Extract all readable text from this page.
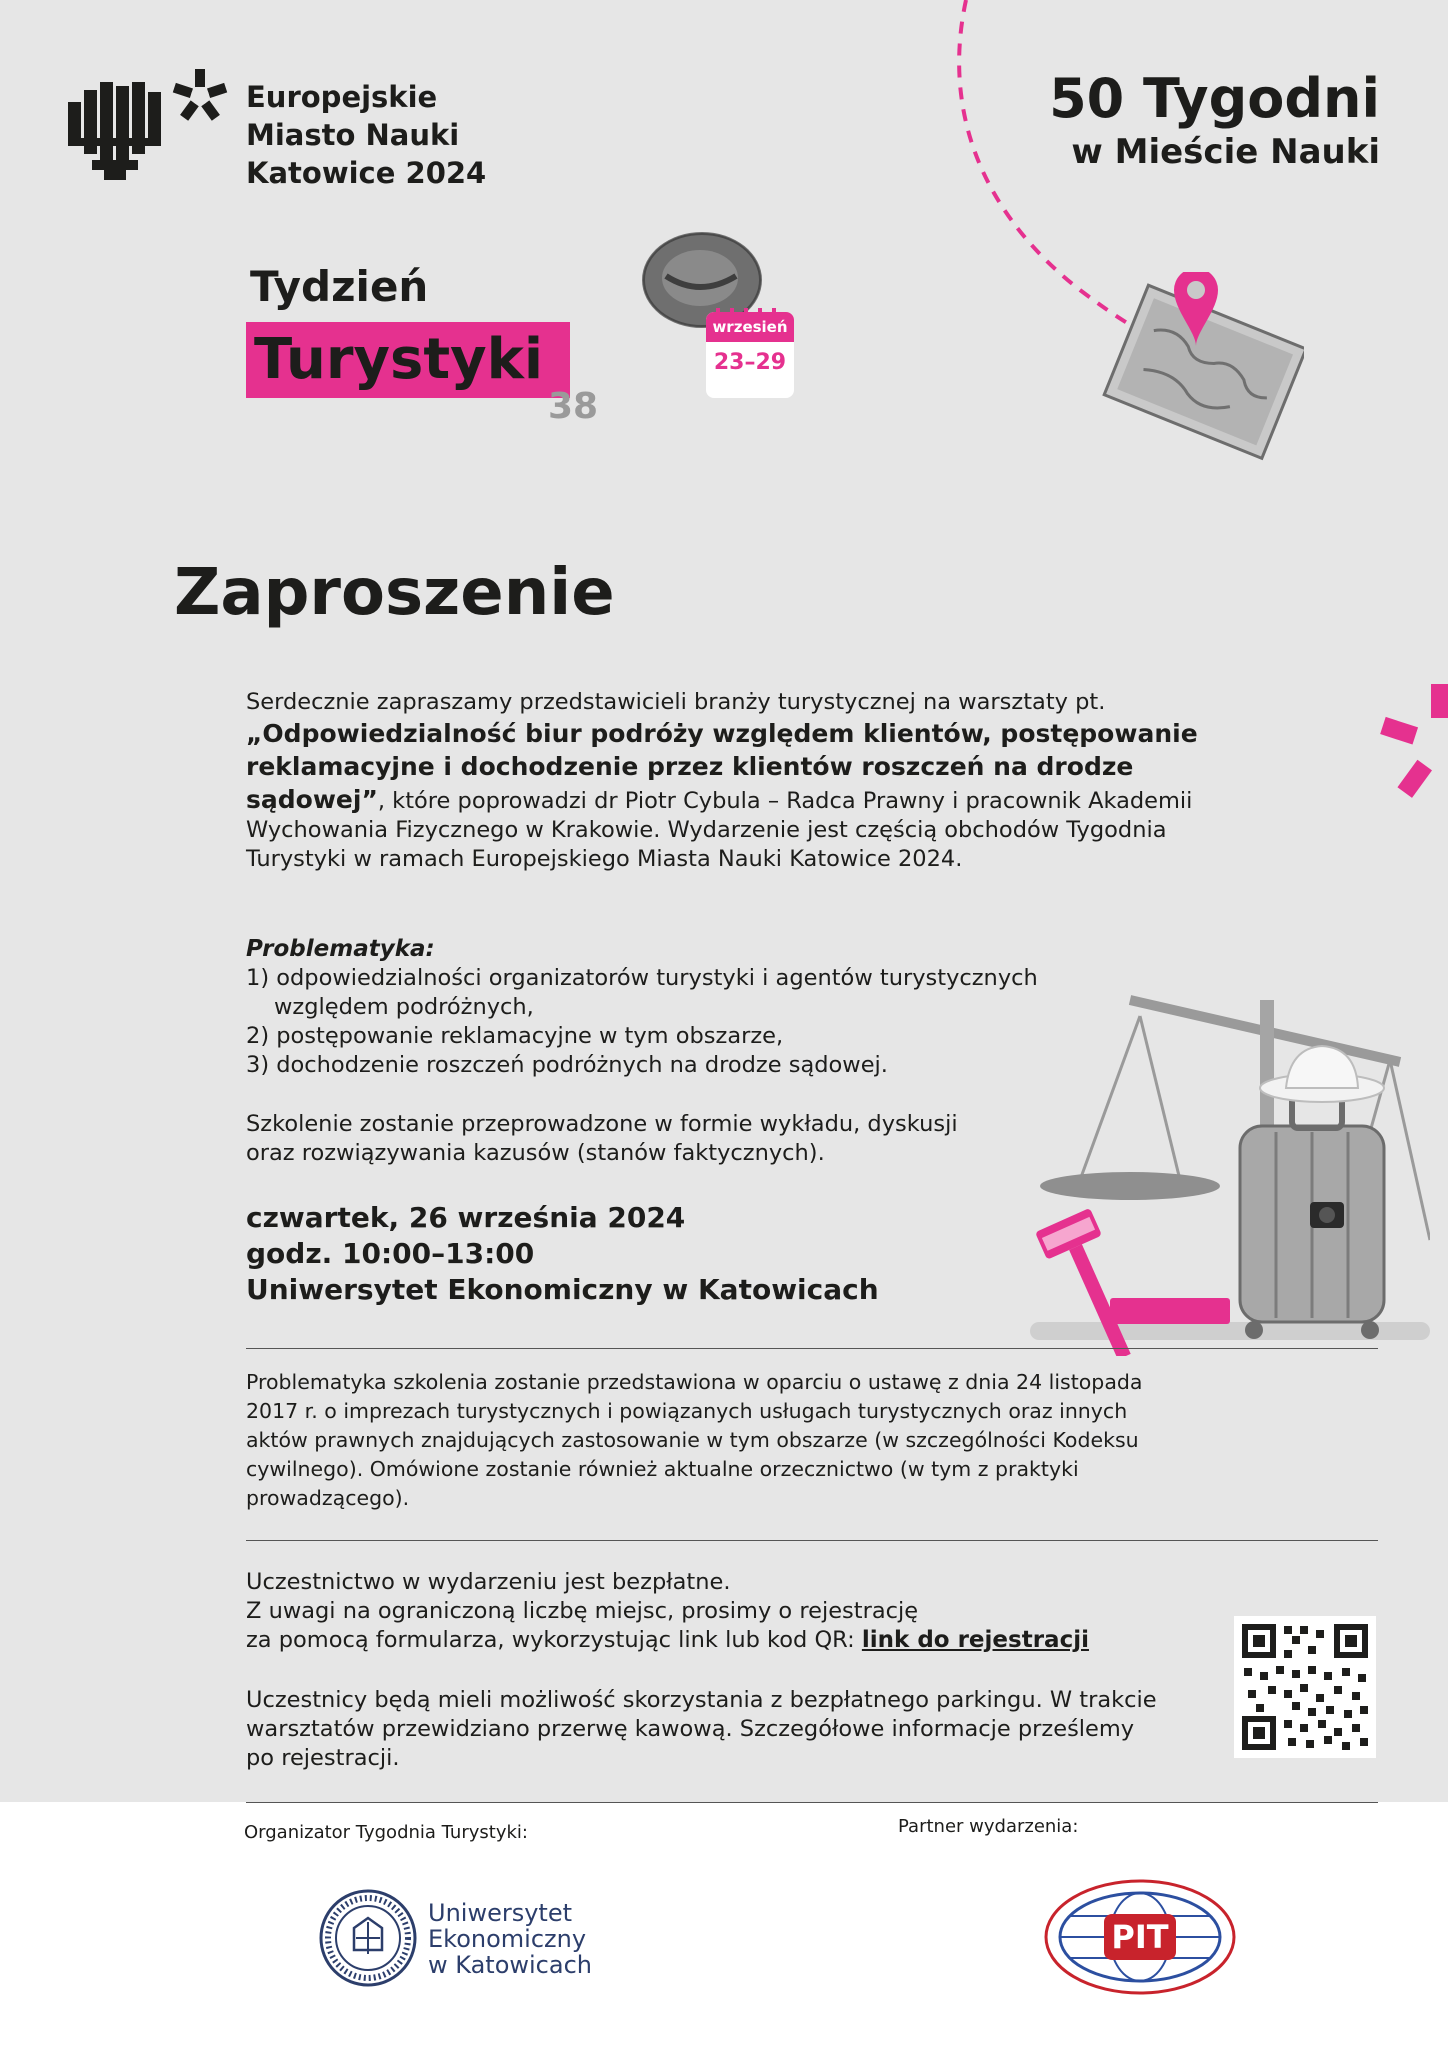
Europejskie
Miasto Nauki
Katowice 2024
50 Tygodni
w Mieście Nauki
Tydzień
Turystyki
38
wrzesień
23–29
Zaproszenie
Serdecznie zapraszamy przedstawicieli branży turystycznej na warsztaty pt.
„Odpowiedzialność biur podróży względem klientów, postępowanie reklamacyjne i dochodzenie przez klientów roszczeń na drodze sądowej”, które poprowadzi dr Piotr Cybula – Radca Prawny i pracownik Akademii Wychowania Fizycznego w Krakowie. Wydarzenie jest częścią obchodów Tygodnia Turystyki w ramach Europejskiego Miasta Nauki Katowice 2024.
Problematyka:
1) odpowiedzialności organizatorów turystyki i agentów turystycznych
względem podróżnych,
2) postępowanie reklamacyjne w tym obszarze,
3) dochodzenie roszczeń podróżnych na drodze sądowej.
Szkolenie zostanie przeprowadzone w formie wykładu, dyskusji oraz rozwiązywania kazusów (stanów faktycznych).
czwartek, 26 września 2024
godz. 10:00–13:00
Uniwersytet Ekonomiczny w Katowicach
Problematyka szkolenia zostanie przedstawiona w oparciu o ustawę z dnia 24 listopada 2017 r. o imprezach turystycznych i powiązanych usługach turystycznych oraz innych aktów prawnych znajdujących zastosowanie w tym obszarze (w szczególności Kodeksu cywilnego). Omówione zostanie również aktualne orzecznictwo (w tym z praktyki prowadzącego).
Uczestnictwo w wydarzeniu jest bezpłatne.
Z uwagi na ograniczoną liczbę miejsc, prosimy o rejestrację
za pomocą formularza, wykorzystując link lub kod QR: link do rejestracji
Uczestnicy będą mieli możliwość skorzystania z bezpłatnego parkingu. W trakcie warsztatów przewidziano przerwę kawową. Szczegółowe informacje prześlemy po rejestracji.
Organizator Tygodnia Turystyki:	Partner wydarzenia:
Uniwersytet
Ekonomiczny
w Katowicach
PIT
